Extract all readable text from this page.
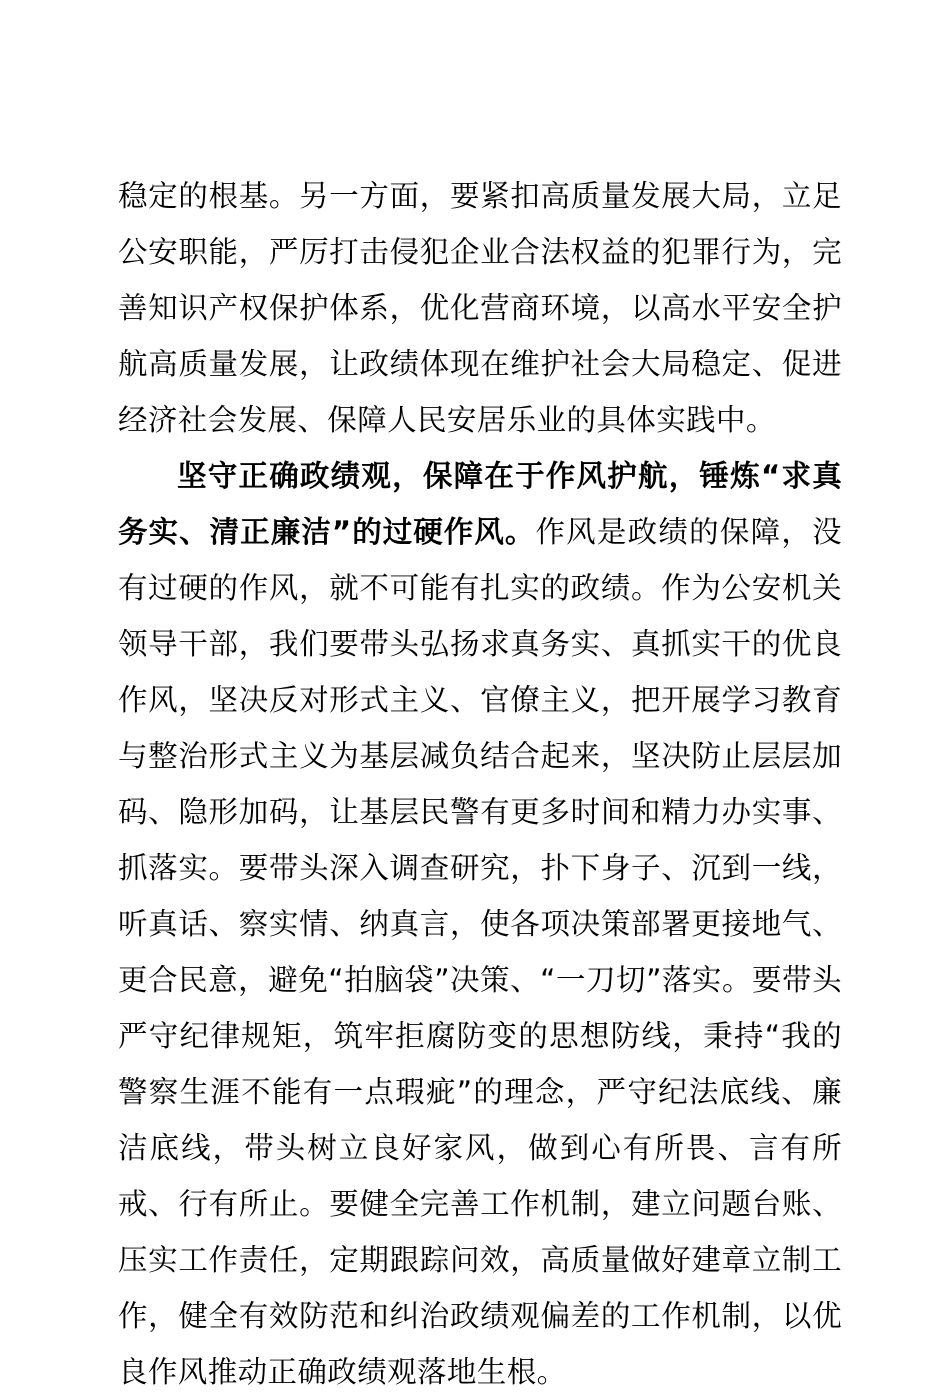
稳定的根基。另一方面，要紧扣高质量发展大局，立足公安职能，严厉打击侵犯企业合法权益的犯罪行为，完善知识产权保护体系，优化营商环境，以高水平安全护航高质量发展，让政绩体现在维护社会大局稳定、促进经济社会发展、保障人民安居乐业的具体实践中。

坚守正确政绩观，保障在于作风护航，锤炼“求真务实、清正廉洁”的过硬作风。作风是政绩的保障，没有过硬的作风，就不可能有扎实的政绩。作为公安机关领导干部，我们要带头弘扬求真务实、真抓实干的优良作风，坚决反对形式主义、官僚主义，把开展学习教育与整治形式主义为基层减负结合起来，坚决防止层层加码、隐形加码，让基层民警有更多时间和精力办实事、抓落实。要带头深入调查研究，扑下身子、沉到一线，听真话、察实情、纳真言，使各项决策部署更接地气、更合民意，避免“拍脑袋”决策、“一刀切”落实。要带头严守纪律规矩，筑牢拒腐防变的思想防线，秉持“我的警察生涯不能有一点瑕疵”的理念，严守纪法底线、廉洁底线，带头树立良好家风，做到心有所畏、言有所戒、行有所止。要健全完善工作机制，建立问题台账、压实工作责任，定期跟踪问效，高质量做好建章立制工作，健全有效防范和纠治政绩观偏差的工作机制，以优良作风推动正确政绩观落地生根。
